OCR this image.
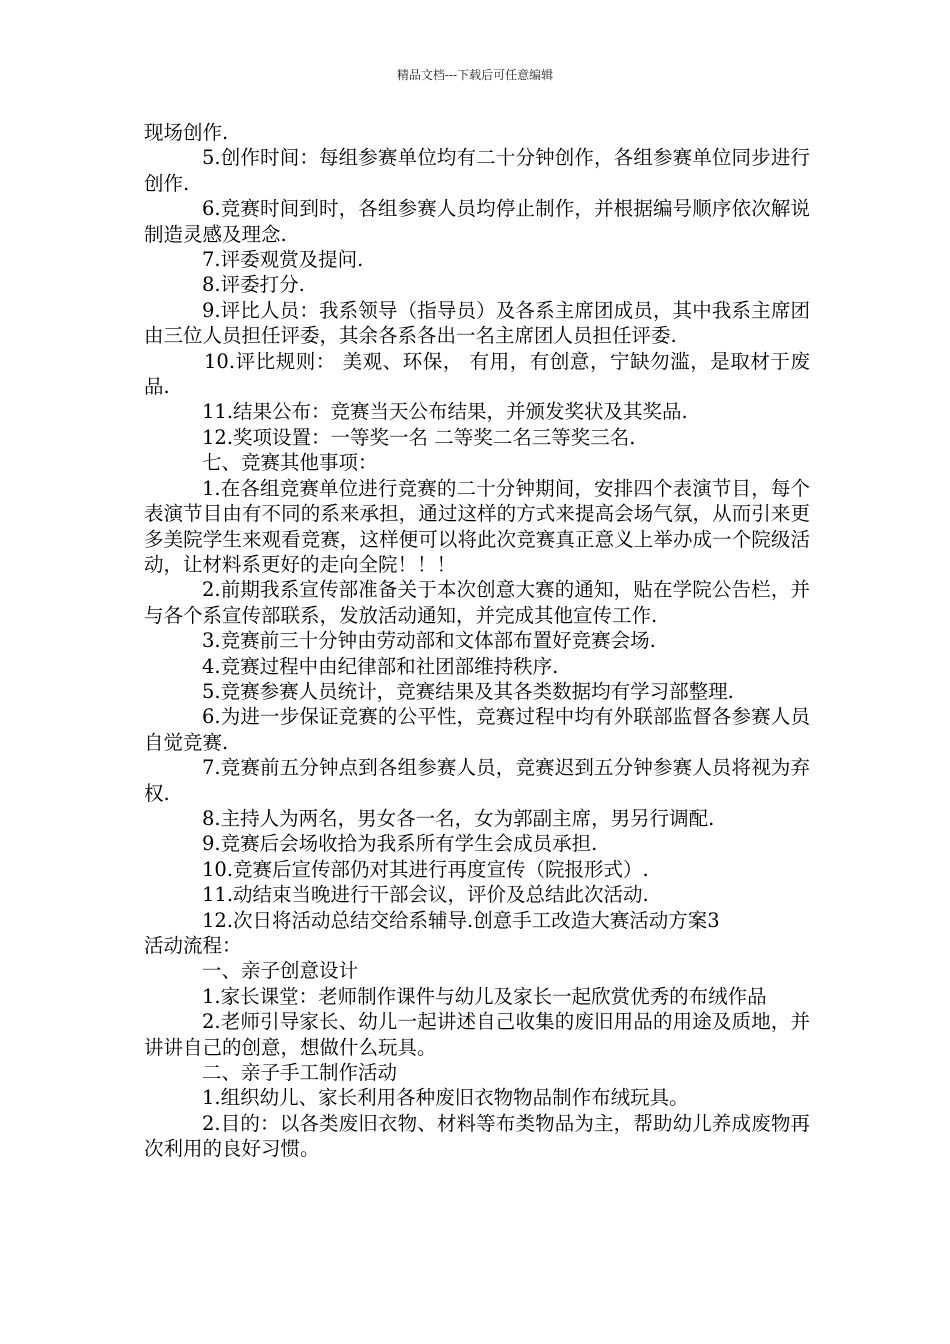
精品文档---下载后可任意编辑

现场创作.

5.创作时间：每组参赛单位均有二十分钟创作，各组参赛单位同步进行创作.

6.竞赛时间到时，各组参赛人员均停止制作，并根据编号顺序依次解说制造灵感及理念.

7.评委观赏及提问.

8.评委打分.

9.评比人员：我系领导（指导员）及各系主席团成员，其中我系主席团由三位人员担任评委，其余各系各出一名主席团人员担任评委.

10.评比规则： 美观、环保， 有用，有创意，宁缺勿滥，是取材于废品.

11.结果公布：竞赛当天公布结果，并颁发奖状及其奖品.

12.奖项设置：一等奖一名 二等奖二名三等奖三名.

七、竞赛其他事项：

1.在各组竞赛单位进行竞赛的二十分钟期间，安排四个表演节目，每个表演节目由有不同的系来承担，通过这样的方式来提高会场气氛，从而引来更多美院学生来观看竞赛，这样便可以将此次竞赛真正意义上举办成一个院级活动，让材料系更好的走向全院！！！

2.前期我系宣传部准备关于本次创意大赛的通知，贴在学院公告栏，并与各个系宣传部联系，发放活动通知，并完成其他宣传工作.

3.竞赛前三十分钟由劳动部和文体部布置好竞赛会场.

4.竞赛过程中由纪律部和社团部维持秩序.

5.竞赛参赛人员统计，竞赛结果及其各类数据均有学习部整理.

6.为进一步保证竞赛的公平性，竞赛过程中均有外联部监督各参赛人员自觉竞赛.

7.竞赛前五分钟点到各组参赛人员，竞赛迟到五分钟参赛人员将视为弃权.

8.主持人为两名，男女各一名，女为郭副主席，男另行调配.

9.竞赛后会场收拾为我系所有学生会成员承担.

10.竞赛后宣传部仍对其进行再度宣传（院报形式）.

11.动结束当晚进行干部会议，评价及总结此次活动.

12.次日将活动总结交给系辅导.创意手工改造大赛活动方案3

活动流程：

一、亲子创意设计

1.家长课堂：老师制作课件与幼儿及家长一起欣赏优秀的布绒作品

2.老师引导家长、幼儿一起讲述自己收集的废旧用品的用途及质地，并讲讲自己的创意，想做什么玩具。

二、亲子手工制作活动

1.组织幼儿、家长利用各种废旧衣物物品制作布绒玩具。

2.目的：以各类废旧衣物、材料等布类物品为主，帮助幼儿养成废物再次利用的良好习惯。
